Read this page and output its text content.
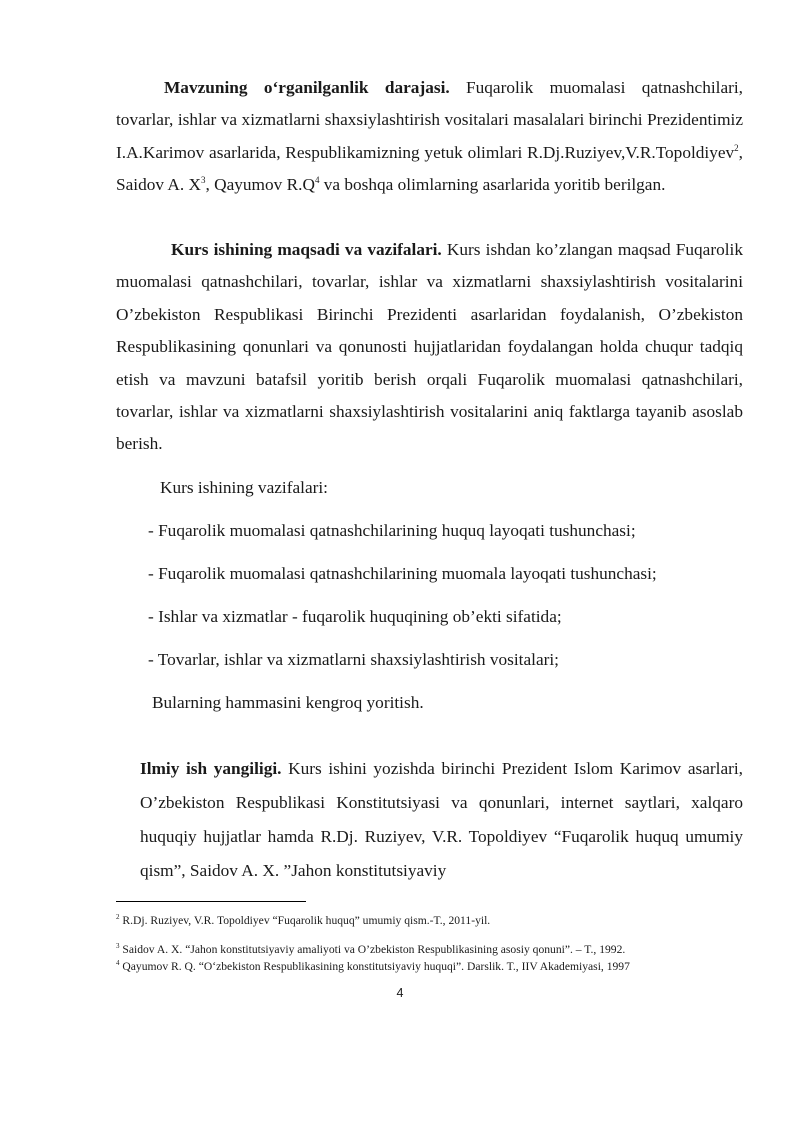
Mavzuning o‘rganilganlik darajasi. Fuqarolik muomalasi qatnashchilari, tovarlar, ishlar va xizmatlarni shaxsiylashtirish vositalari masalalari birinchi Prezidentimiz I.A.Karimov asarlarida, Respublikamizning yetuk olimlari R.Dj.Ruziyev,V.R.Topoldiyev$^2$, Saidov A. $X^3$, Qayumov $R.Q^4$ va boshqa olimlarning asarlarida yoritib berilgan.

Kurs ishining maqsadi va vazifalari. Kurs ishdan ko’zlangan maqsad Fuqarolik muomalasi qatnashchilari, tovarlar, ishlar va xizmatlarni shaxsiylashtirish vositalarini O’zbekiston Respublikasi Birinchi Prezidenti asarlaridan foydalanish, O’zbekiston Respublikasining qonunlari va qonunosti hujjatlaridan foydalangan holda chuqur tadqiq etish va mavzuni batafsil yoritib berish orqali Fuqarolik muomalasi qatnashchilari, tovarlar, ishlar va xizmatlarni shaxsiylashtirish vositalarini aniq faktlarga tayanib asoslab berish.

Kurs ishining vazifalari:

- Fuqarolik muomalasi qatnashchilarining huquq layoqati tushunchasi;

- Fuqarolik muomalasi qatnashchilarining muomala layoqati tushunchasi;

- Ishlar va xizmatlar - fuqarolik huquqining ob’ekti sifatida;

- Tovarlar, ishlar va xizmatlarni shaxsiylashtirish vositalari;

Bularning hammasini kengroq yoritish.

Ilmiy ish yangiligi. Kurs ishini yozishda birinchi Prezident Islom Karimov asarlari, O’zbekiston Respublikasi Konstitutsiyasi va qonunlari, internet saytlari, xalqaro huquqiy hujjatlar hamda R.Dj. Ruziyev, V.R. Topoldiyev “Fuqarolik huquq umumiy qism”, Saidov A. X. ”Jahon konstitutsiyaviy

$^2$ R.Dj. Ruziyev, V.R. Topoldiyev “Fuqarolik huquq” umumiy qism.-T., 2011-yil.

$^3$ Saidov A. X. “Jahon konstitutsiyaviy amaliyoti va O’zbekiston Respublikasining asosiy qonuni”. – T., 1992.

$^4$ Qayumov R. Q. “O‘zbekiston Respublikasining konstitutsiyaviy huquqi”. Darslik. T., IIV Akademiyasi, 1997

4
